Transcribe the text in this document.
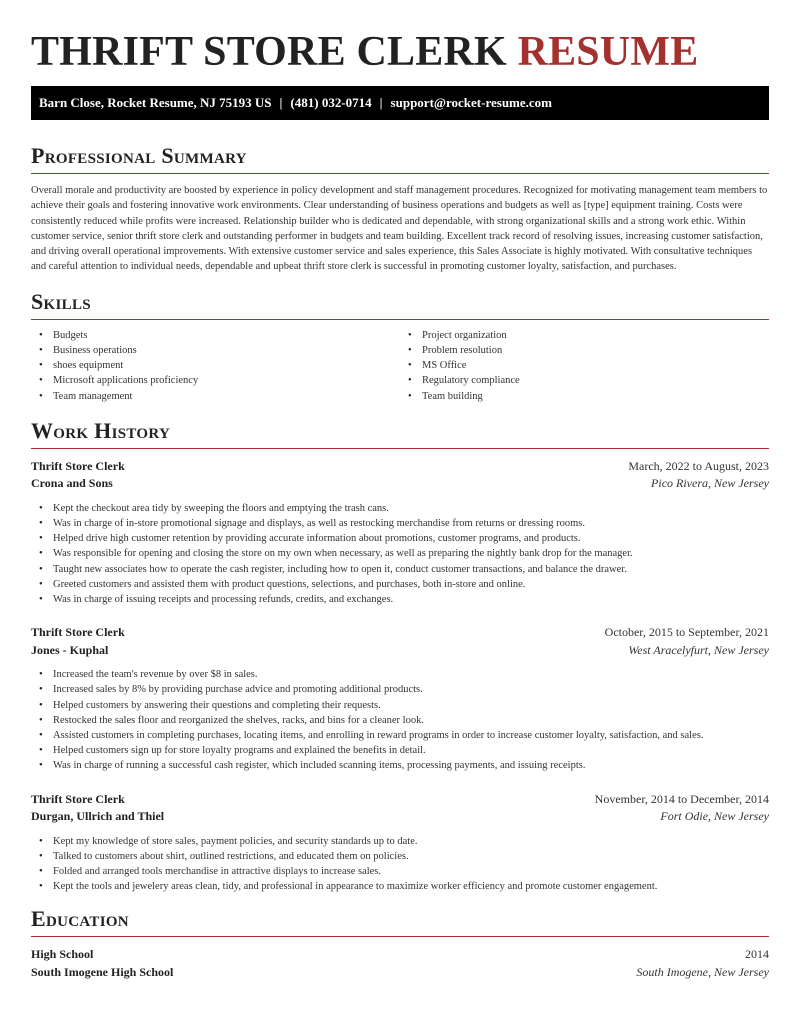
THRIFT STORE CLERK RESUME
Barn Close, Rocket Resume, NJ 75193 US | (481) 032-0714 | support@rocket-resume.com
Professional Summary

Overall morale and productivity are boosted by experience in policy development and staff management procedures. Recognized for motivating management team members to achieve their goals and fostering innovative work environments. Clear understanding of business operations and budgets as well as [type] equipment training. Costs were consistently reduced while profits were increased. Relationship builder who is dedicated and dependable, with strong organizational skills and a strong work ethic. Within customer service, senior thrift store clerk and outstanding performer in budgets and team building. Excellent track record of resolving issues, increasing customer satisfaction, and driving overall operational improvements. With extensive customer service and sales experience, this Sales Associate is highly motivated. With consultative techniques and careful attention to individual needs, dependable and upbeat thrift store clerk is successful in promoting customer loyalty, satisfaction, and purchases.

Skills
• Budgets
• Business operations
• shoes equipment
• Microsoft applications proficiency
• Team management
• Project organization
• Problem resolution
• MS Office
• Regulatory compliance
• Team building
Work History
Thrift Store Clerk	March, 2022 to August, 2023
Crona and Sons	Pico Rivera, New Jersey
• Kept the checkout area tidy by sweeping the floors and emptying the trash cans.
• Was in charge of in-store promotional signage and displays, as well as restocking merchandise from returns or dressing rooms.
• Helped drive high customer retention by providing accurate information about promotions, customer programs, and products.
• Was responsible for opening and closing the store on my own when necessary, as well as preparing the nightly bank drop for the manager.
• Taught new associates how to operate the cash register, including how to open it, conduct customer transactions, and balance the drawer.
• Greeted customers and assisted them with product questions, selections, and purchases, both in-store and online.
• Was in charge of issuing receipts and processing refunds, credits, and exchanges.
Thrift Store Clerk	October, 2015 to September, 2021
Jones - Kuphal	West Aracelyfurt, New Jersey
• Increased the team's revenue by over $8 in sales.
• Increased sales by 8% by providing purchase advice and promoting additional products.
• Helped customers by answering their questions and completing their requests.
• Restocked the sales floor and reorganized the shelves, racks, and bins for a cleaner look.
• Assisted customers in completing purchases, locating items, and enrolling in reward programs in order to increase customer loyalty, satisfaction, and sales.
• Helped customers sign up for store loyalty programs and explained the benefits in detail.
• Was in charge of running a successful cash register, which included scanning items, processing payments, and issuing receipts.
Thrift Store Clerk	November, 2014 to December, 2014
Durgan, Ullrich and Thiel	Fort Odie, New Jersey
• Kept my knowledge of store sales, payment policies, and security standards up to date.
• Talked to customers about shirt, outlined restrictions, and educated them on policies.
• Folded and arranged tools merchandise in attractive displays to increase sales.
• Kept the tools and jewelery areas clean, tidy, and professional in appearance to maximize worker efficiency and promote customer engagement.
Education
High School	2014
South Imogene High School	South Imogene, New Jersey
